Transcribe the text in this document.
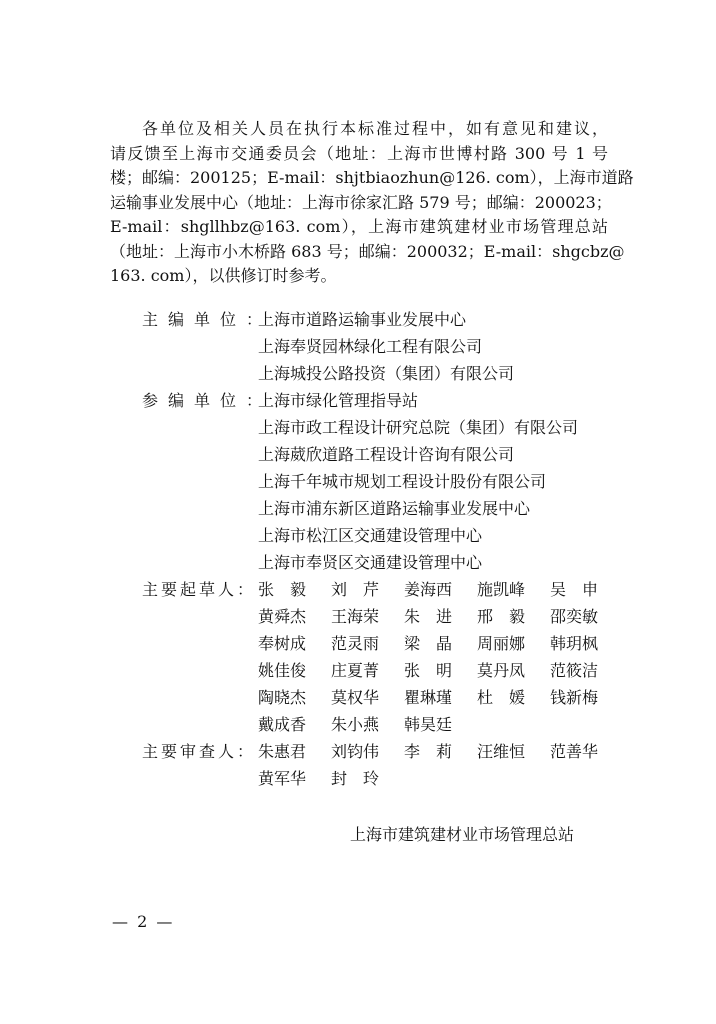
各单位及相关人员在执行本标准过程中，如有意见和建议，
请反馈至上海市交通委员会（地址：上海市世博村路 300 号 1 号
楼；邮编：200125；E-mail：shjtbiaozhun@126. com），上海市道路
运输事业发展中心（地址：上海市徐家汇路 579 号；邮编：200023；
E-mail：shgllhbz@163. com），上海市建筑建材业市场管理总站
（地址：上海市小木桥路 683 号；邮编：200032；E-mail：shgcbz@
163. com），以供修订时参考。
主编单位：
上海市道路运输事业发展中心
上海奉贤园林绿化工程有限公司
上海城投公路投资（集团）有限公司
参编单位：
上海市绿化管理指导站
上海市政工程设计研究总院（集团）有限公司
上海葳欣道路工程设计咨询有限公司
上海千年城市规划工程设计股份有限公司
上海市浦东新区道路运输事业发展中心
上海市松江区交通建设管理中心
上海市奉贤区交通建设管理中心
主要起草人： 张　毅	刘　芹	姜海西	施凯峰	吴　申
黄舜杰	王海荣	朱　进	邢　毅	邵奕敏
奉树成	范灵雨	梁　晶	周丽娜	韩玥枫
姚佳俊	庄夏菁	张　明	莫丹凤	范筱洁
陶晓杰	莫权华	瞿琳瑾	杜　媛	钱新梅
戴成香	朱小燕	韩昊廷
主要审查人： 朱惠君	刘钧伟	李　莉	汪维恒	范善华
黄军华	封　玲
上海市建筑建材业市场管理总站
— 2 —
